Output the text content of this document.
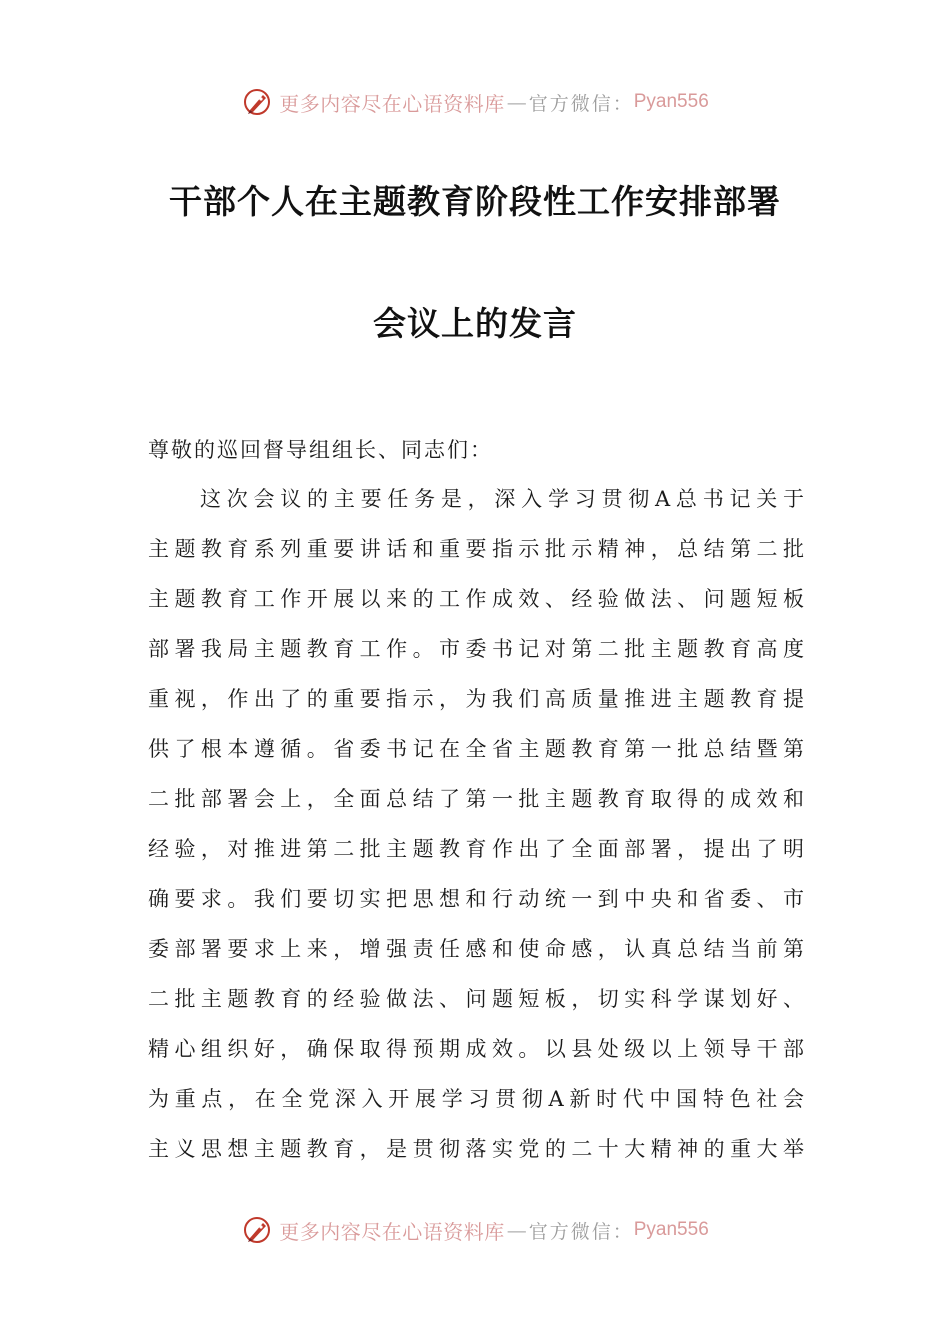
更多内容尽在心语资料库 — 官方微信： Pyan556
干部个人在主题教育阶段性工作安排部署
会议上的发言
尊敬的巡回督导组组长、同志们：
这次会议的主要任务是，深入学习贯彻A总书记关于
主题教育系列重要讲话和重要指示批示精神，总结第二批
主题教育工作开展以来的工作成效、经验做法、问题短板
部署我局主题教育工作。市委书记对第二批主题教育高度
重视，作出了的重要指示，为我们高质量推进主题教育提
供了根本遵循。省委书记在全省主题教育第一批总结暨第
二批部署会上，全面总结了第一批主题教育取得的成效和
经验，对推进第二批主题教育作出了全面部署，提出了明
确要求。我们要切实把思想和行动统一到中央和省委、市
委部署要求上来，增强责任感和使命感，认真总结当前第
二批主题教育的经验做法、问题短板，切实科学谋划好、
精心组织好，确保取得预期成效。以县处级以上领导干部
为重点，在全党深入开展学习贯彻A新时代中国特色社会
主义思想主题教育，是贯彻落实党的二十大精神的重大举
更多内容尽在心语资料库 — 官方微信： Pyan556
